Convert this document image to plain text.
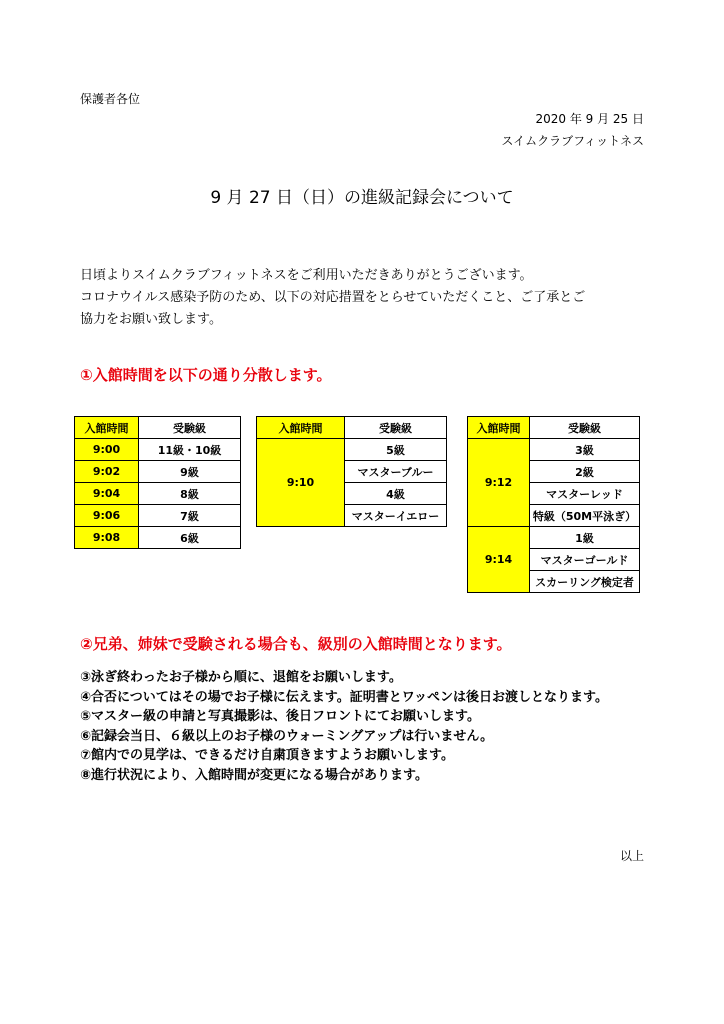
保護者各位
2020 年 9 月 25 日
スイムクラブフィットネス
9 月 27 日（日）の進級記録会について
日頃よりスイムクラブフィットネスをご利用いただきありがとうございます。
コロナウイルス感染予防のため、以下の対応措置をとらせていただくこと、ご了承とご
協力をお願い致します。
①入館時間を以下の通り分散します。
入館時間	受験級
9:00	11級・10級
9:02	9級
9:04	8級
9:06	7級
9:08	6級
入館時間	受験級
9:10	5級
	マスターブルー
	4級
	マスターイエロー
入館時間	受験級
9:12	3級
	2級
	マスターレッド
	特級（50M平泳ぎ）
9:14	1級
	マスターゴールド
	スカーリング検定者
②兄弟、姉妹で受験される場合も、級別の入館時間となります。
③泳ぎ終わったお子様から順に、退館をお願いします。
④合否についてはその場でお子様に伝えます。証明書とワッペンは後日お渡しとなります。
⑤マスター級の申請と写真撮影は、後日フロントにてお願いします。
⑥記録会当日、６級以上のお子様のウォーミングアップは行いません。
⑦館内での見学は、できるだけ自粛頂きますようお願いします。
⑧進行状況により、入館時間が変更になる場合があります。
以上
